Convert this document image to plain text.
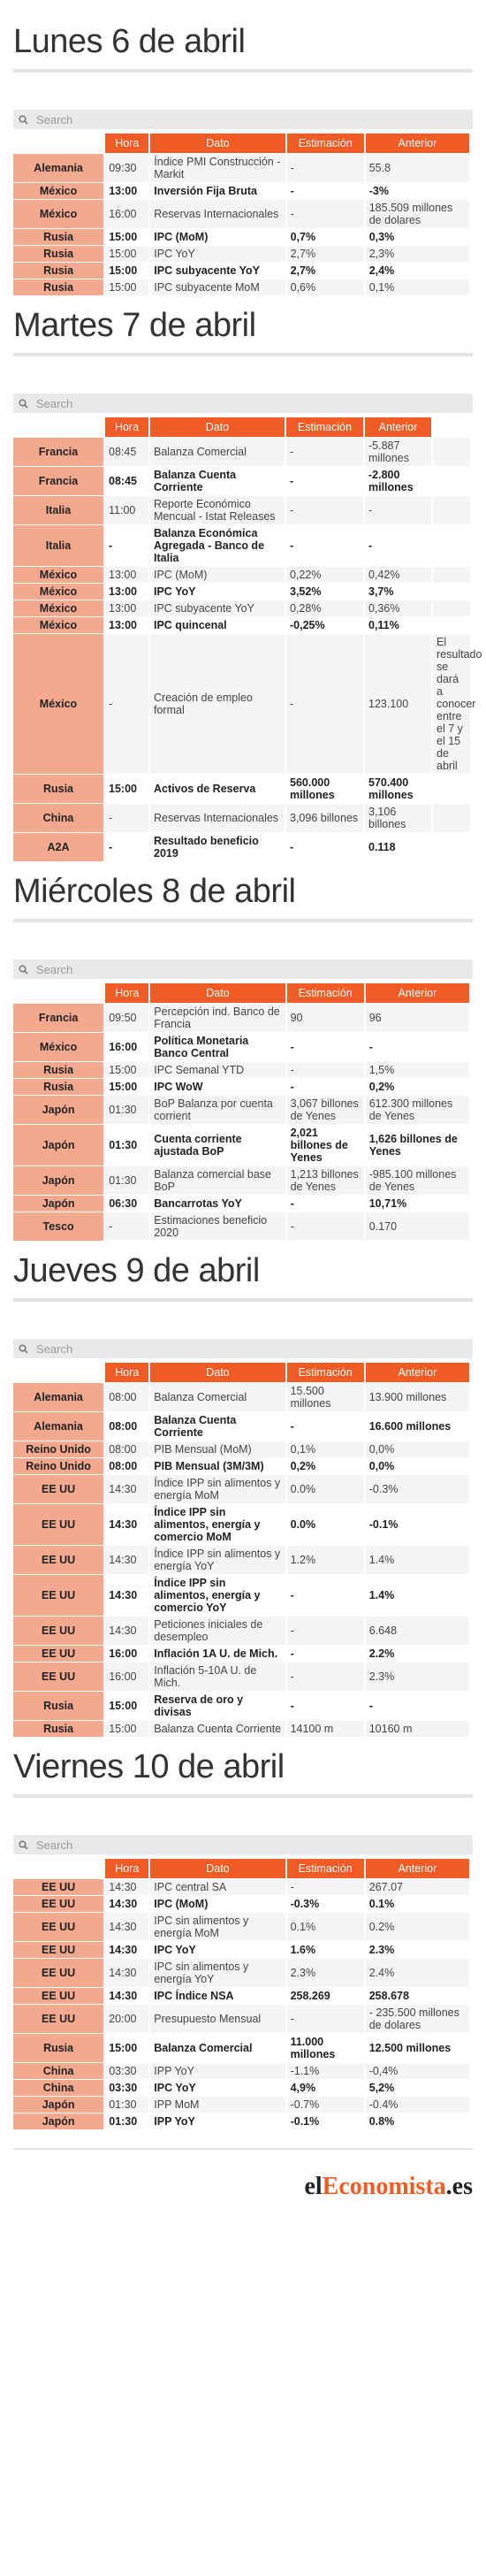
Lunes 6 de abril
Search
	Hora	Dato	Estimación	Anterior
Alemania	09:30	Índice PMI Construcción - Markit	-	55.8
México	13:00	Inversión Fija Bruta	-	-3%
México	16:00	Reservas Internacionales	-	185.509 millones de dolares
Rusia	15:00	IPC (MoM)	0,7%	0,3%
Rusia	15:00	IPC YoY	2,7%	2,3%
Rusia	15:00	IPC subyacente YoY	2,7%	2,4%
Rusia	15:00	IPC subyacente MoM	0,6%	0,1%
Martes 7 de abril
Search
	Hora	Dato	Estimación	Anterior	
Francia	08:45	Balanza Comercial	-	-5.887 millones	
Francia	08:45	Balanza Cuenta Corriente	-	-2.800 millones	
Italia	11:00	Reporte Económico Mencual - Istat Releases	-	-	
Italia	-	Balanza Económica Agregada - Banco de Italia	-	-	
México	13:00	IPC (MoM)	0,22%	0,42%	
México	13:00	IPC YoY	3,52%	3,7%	
México	13:00	IPC subyacente YoY	0,28%	0,36%	
México	13:00	IPC quincenal	-0,25%	0,11%	
México	-	Creación de empleo formal	-	123.100	El resultado se dará a conocer entre el 7 y el 15 de abril
Rusia	15:00	Activos de Reserva	560.000 millones	570.400 millones	
China	-	Reservas Internacionales	3,096 billones	3,106 billones	
A2A	-	Resultado beneficio 2019	-	0.118	
Miércoles 8 de abril
Search
	Hora	Dato	Estimación	Anterior
Francia	09:50	Percepción ind. Banco de Francia	90	96
México	16:00	Política Monetaria Banco Central	-	-
Rusia	15:00	IPC Semanal YTD	-	1,5%
Rusia	15:00	IPC WoW	-	0,2%
Japón	01:30	BoP Balanza por cuenta corrient	3,067 billones de Yenes	612.300 millones de Yenes
Japón	01:30	Cuenta corriente ajustada BoP	2,021 billones de Yenes	1,626 billones de Yenes
Japón	01:30	Balanza comercial base BoP	1,213 billones de Yenes	-985.100 millones de Yenes
Japón	06:30	Bancarrotas YoY	-	10,71%
Tesco	-	Estimaciones beneficio 2020	-	0.170
Jueves 9 de abril
Search
	Hora	Dato	Estimación	Anterior
Alemania	08:00	Balanza Comercial	15.500 millones	13.900 millones
Alemania	08:00	Balanza Cuenta Corriente	-	16.600 millones
Reino Unido	08:00	PIB Mensual (MoM)	0,1%	0,0%
Reino Unido	08:00	PIB Mensual (3M/3M)	0,2%	0,0%
EE UU	14:30	Índice IPP sin alimentos y energía MoM	0.0%	-0.3%
EE UU	14:30	Índice IPP sin alimentos, energía y comercio MoM	0.0%	-0.1%
EE UU	14:30	Índice IPP sin alimentos y energía YoY	1.2%	1.4%
EE UU	14:30	Índice IPP sin alimentos, energía y comercio YoY	-	1.4%
EE UU	14:30	Peticiones iniciales de desempleo	-	6.648
EE UU	16:00	Inflación 1A U. de Mich.	-	2.2%
EE UU	16:00	Inflación 5-10A U. de Mich.	-	2.3%
Rusia	15:00	Reserva de oro y divisas	-	-
Rusia	15:00	Balanza Cuenta Corriente	14100 m	10160 m
Viernes 10 de abril
Search
	Hora	Dato	Estimación	Anterior
EE UU	14:30	IPC central SA	-	267.07
EE UU	14:30	IPC (MoM)	-0.3%	0.1%
EE UU	14:30	IPC sin alimentos y energía MoM	0.1%	0.2%
EE UU	14:30	IPC YoY	1.6%	2.3%
EE UU	14:30	IPC sin alimentos y energía YoY	2.3%	2.4%
EE UU	14:30	IPC Índice NSA	258.269	258.678
EE UU	20:00	Presupuesto Mensual	-	- 235.500 millones de dolares
Rusia	15:00	Balanza Comercial	11.000 millones	12.500 millones
China	03:30	IPP YoY	-1.1%	-0,4%
China	03:30	IPC YoY	4,9%	5,2%
Japón	01:30	IPP MoM	-0.7%	-0.4%
Japón	01:30	IPP YoY	-0.1%	0.8%
elEconomista.es
